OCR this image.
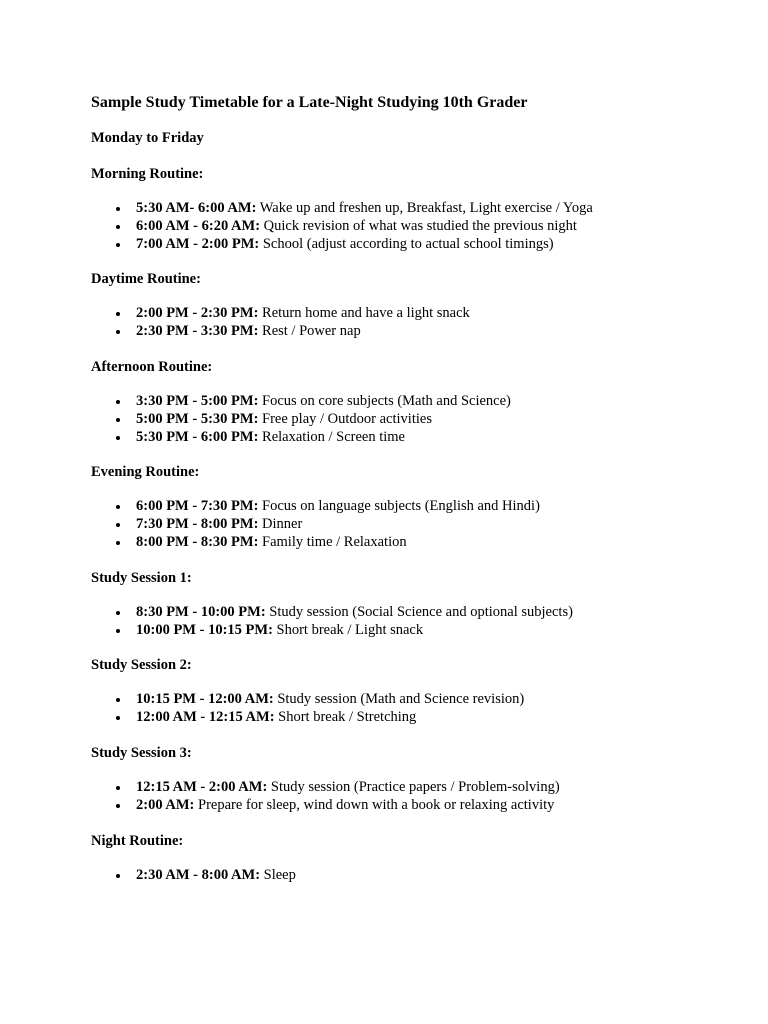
Sample Study Timetable for a Late-Night Studying 10th Grader
Monday to Friday
Morning Routine:
5:30 AM- 6:00 AM: Wake up and freshen up, Breakfast, Light exercise / Yoga
6:00 AM - 6:20 AM: Quick revision of what was studied the previous night
7:00 AM - 2:00 PM: School (adjust according to actual school timings)
Daytime Routine:
2:00 PM - 2:30 PM: Return home and have a light snack
2:30 PM - 3:30 PM: Rest / Power nap
Afternoon Routine:
3:30 PM - 5:00 PM: Focus on core subjects (Math and Science)
5:00 PM - 5:30 PM: Free play / Outdoor activities
5:30 PM - 6:00 PM: Relaxation / Screen time
Evening Routine:
6:00 PM - 7:30 PM: Focus on language subjects (English and Hindi)
7:30 PM - 8:00 PM: Dinner
8:00 PM - 8:30 PM: Family time / Relaxation
Study Session 1:
8:30 PM - 10:00 PM: Study session (Social Science and optional subjects)
10:00 PM - 10:15 PM: Short break / Light snack
Study Session 2:
10:15 PM - 12:00 AM: Study session (Math and Science revision)
12:00 AM - 12:15 AM: Short break / Stretching
Study Session 3:
12:15 AM - 2:00 AM: Study session (Practice papers / Problem-solving)
2:00 AM: Prepare for sleep, wind down with a book or relaxing activity
Night Routine:
2:30 AM - 8:00 AM: Sleep
